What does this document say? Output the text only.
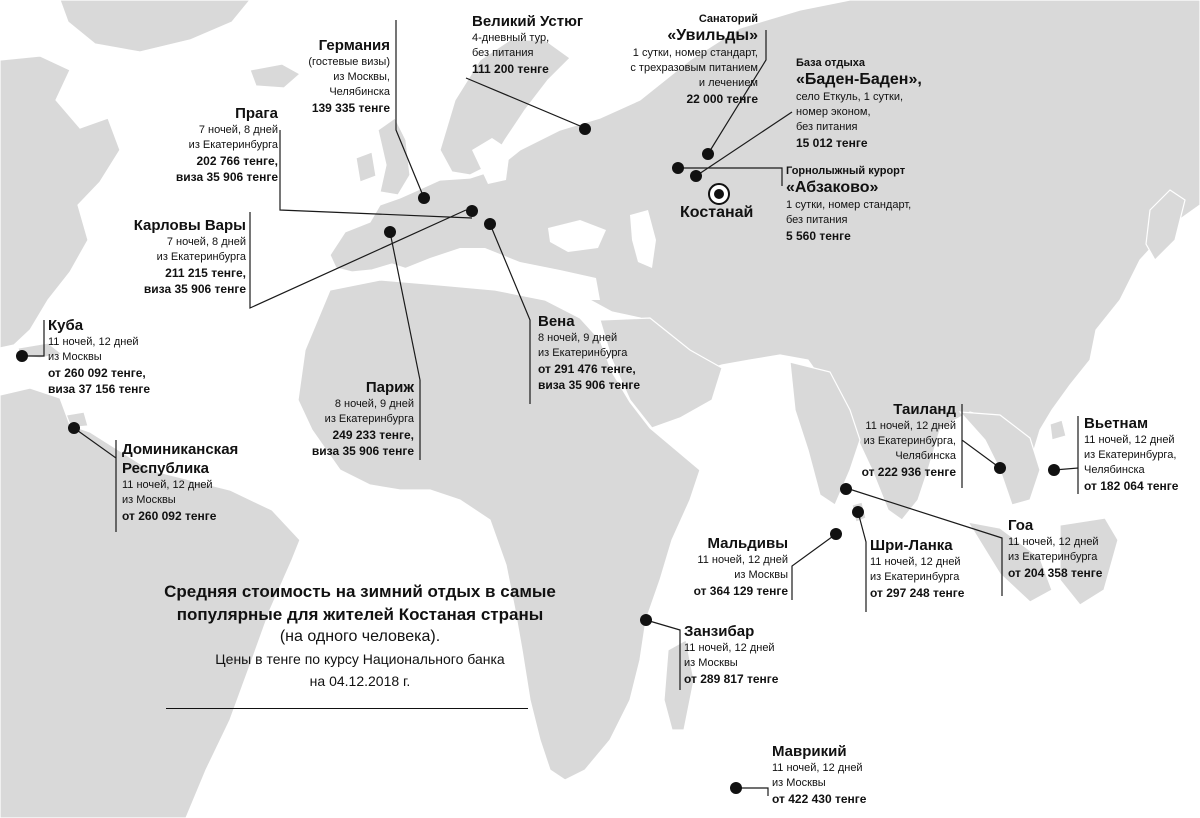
Костанай
Великий Устюг
4-дневный тур,
без питания
111 200 тенге
Санаторий
«Увильды»
1 сутки, номер стандарт,
с трехразовым питанием
и лечением
22 000 тенге
База отдыха
«Баден-Баден»,
село Еткуль, 1 сутки,
номер эконом,
без питания
15 012 тенге
Горнолыжный курорт
«Абзаково»
1 сутки, номер стандарт,
без питания
5 560 тенге
Германия
(гостевые визы)
из Москвы,
Челябинска
139 335 тенге
Прага
7 ночей, 8 дней
из Екатеринбурга
202 766 тенге,
виза 35 906 тенге
Карловы Вары
7 ночей, 8 дней
из Екатеринбурга
211 215 тенге,
виза 35 906 тенге
Вена
8 ночей, 9 дней
из Екатеринбурга
от 291 476 тенге,
виза 35 906 тенге
Париж
8 ночей, 9 дней
из Екатеринбурга
249 233 тенге,
виза 35 906 тенге
Куба
11 ночей, 12 дней
из Москвы
от 260 092 тенге,
виза 37 156 тенге
Доминиканская
Республика
11 ночей, 12 дней
из Москвы
от 260 092 тенге
Таиланд
11 ночей, 12 дней
из Екатеринбурга,
Челябинска
от 222 936 тенге
Вьетнам
11 ночей, 12 дней
из Екатеринбурга,
Челябинска
от 182 064 тенге
Гоа
11 ночей, 12 дней
из Екатеринбурга
от 204 358 тенге
Мальдивы
11 ночей, 12 дней
из Москвы
от 364 129 тенге
Шри-Ланка
11 ночей, 12 дней
из Екатеринбурга
от 297 248 тенге
Занзибар
11 ночей, 12 дней
из Москвы
от 289 817 тенге
Маврикий
11 ночей, 12 дней
из Москвы
от 422 430 тенге
Средняя стоимость на зимний отдых в самые
популярные для жителей Костаная страны
(на одного человека).
Цены в тенге по курсу Национального банка
на 04.12.2018 г.
